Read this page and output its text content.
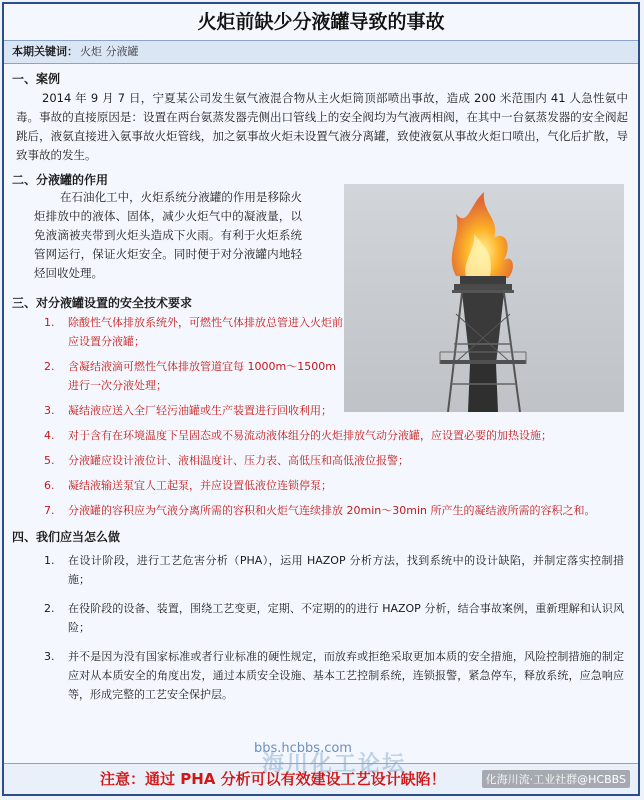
火炬前缺少分液罐导致的事故
本期关键词： 火炬 分液罐
一、案例
2014 年 9 月 7 日，宁夏某公司发生氨气液混合物从主火炬筒顶部喷出事故，造成 200 米范围内 41 人急性氨中毒。事故的直接原因是：设置在两台氨蒸发器壳侧出口管线上的安全阀均为气液两相阀，在其中一台氨蒸发器的安全阀起跳后，液氨直接进入氨事故火炬管线，加之氨事故火炬未设置气液分离罐，致使液氨从事故火炬口喷出，气化后扩散，导致事故的发生。
二、分液罐的作用
在石油化工中，火炬系统分液罐的作用是移除火炬排放中的液体、固体，减少火炬气中的凝液量，以免液滴被夹带到火炬头造成下火雨。有利于火炬系统管网运行，保证火炬安全。同时便于对分液罐内地轻烃回收处理。
三、对分液罐设置的安全技术要求
1. 除酸性气体排放系统外，可燃性气体排放总管进入火炬前应设置分液罐；
2. 含凝结液滴可燃性气体排放管道宜每 1000m～1500m 进行一次分液处理；
3. 凝结液应送入全厂轻污油罐或生产装置进行回收利用；
4. 对于含有在环境温度下呈固态或不易流动液体组分的火炬排放气动分液罐，应设置必要的加热设施；
5. 分液罐应设计液位计、液相温度计、压力表、高低压和高低液位报警；
6. 凝结液输送泵宜人工起泵，并应设置低液位连锁停泵；
7. 分液罐的容积应为气液分离所需的容积和火炬气连续排放 20min～30min 所产生的凝结液所需的容积之和。
四、我们应当怎么做
1. 在设计阶段，进行工艺危害分析（PHA），运用 HAZOP 分析方法，找到系统中的设计缺陷，并制定落实控制措施；
2. 在役阶段的设备、装置，围绕工艺变更，定期、不定期的的进行 HAZOP 分析，结合事故案例，重新理解和认识风险；
3. 并不是因为没有国家标准或者行业标准的硬性规定，而放弃或拒绝采取更加本质的安全措施，风险控制措施的制定应对从本质安全的角度出发，通过本质安全设施、基本工艺控制系统，连锁报警，紧急停车，释放系统，应急响应等，形成完整的工艺安全保护层。
bbs.hcbbs.com
注意：通过 PHA 分析可以有效建设工艺设计缺陷！
海川化工论坛
化海川流·工业社群@HCBBS
